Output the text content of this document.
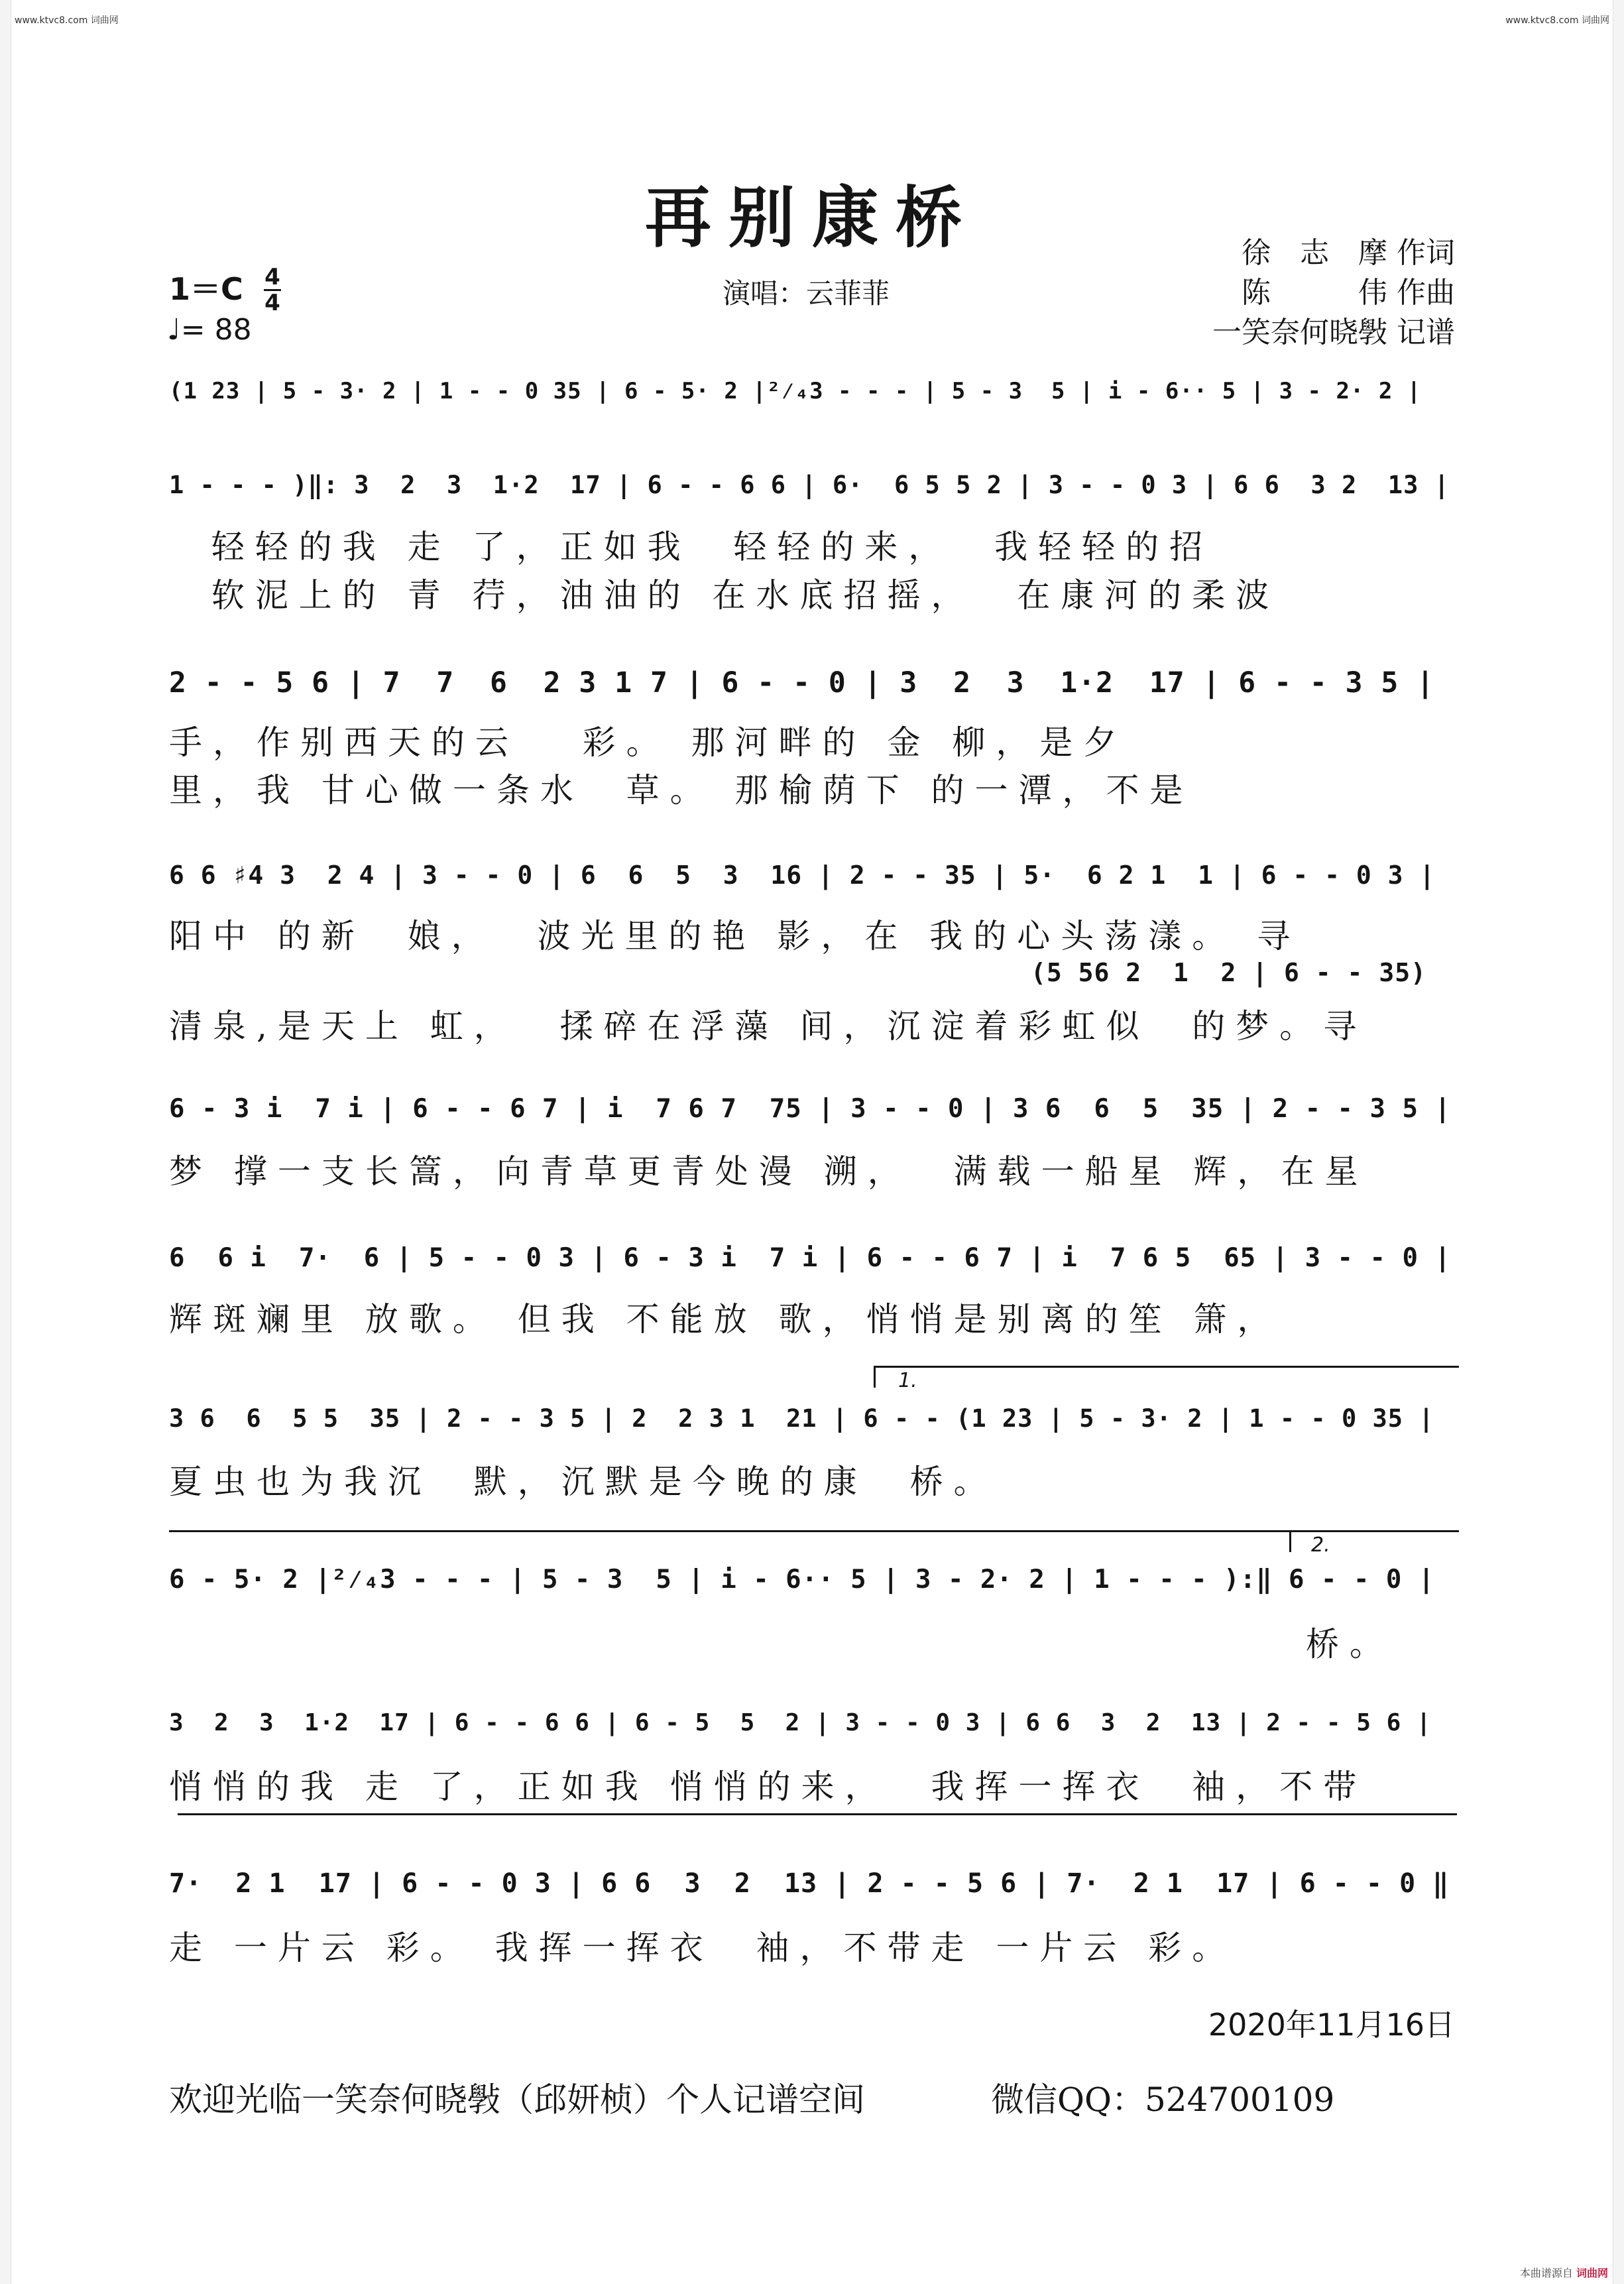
www.ktvc8.com 词曲网	www.ktvc8.com 词曲网
再别康桥	徐　志　摩 作词
陈　　　伟 作曲
一笑奈何晓斅 记谱
1＝C 4
4
♩= 88
演唱：云菲菲
(1 23 | 5 - 3· 2 | 1 - - 0 35 | 6 - 5· 2 |²⁄₄3 - - - | 5 - 3  5 | i - 6·· 5 | 3 - 2· 2 |
1 - - - )‖: 3  2  3  1·2  17 | 6 - - 6 6 | 6·  6 5 5 2 | 3 - - 0 3 | 6 6  3 2  13 |
轻轻的我 走 了，正如我  轻轻的来，  我轻轻的招
软泥上的 青 荇，油油的 在水底招摇，  在康河的柔波
2 - - 5 6 | 7  7  6  2 3 1 7 | 6 - - 0 | 3  2  3  1·2  17 | 6 - - 3 5 |
手，作别西天的云   彩。 那河畔的 金 柳，是夕
里，我 甘心做一条水  草。 那榆荫下 的一潭，不是
6 6 ♯4 3  2 4 | 3 - - 0 | 6  6  5  3  16 | 2 - - 35 | 5·  6 2 1  1 | 6 - - 0 3 |
阳中 的新  娘，  波光里的艳 影，在 我的心头荡漾。 寻
(5 56 2  1  2 | 6 - - 35)
清泉,是天上 虹，  揉碎在浮藻 间，沉淀着彩虹似  的梦。寻
6 - 3 i  7 i | 6 - - 6 7 | i  7 6 7  75 | 3 - - 0 | 3 6  6  5  35 | 2 - - 3 5 |
梦 撑一支长篙，向青草更青处漫 溯，  满载一船星 辉，在星
6  6 i  7·  6 | 5 - - 0 3 | 6 - 3 i  7 i | 6 - - 6 7 | i  7 6 5  65 | 3 - - 0 |
辉斑斓里 放歌。 但我 不能放 歌，悄悄是别离的笙 箫，
1.
3 6  6  5 5  35 | 2 - - 3 5 | 2  2 3 1  21 | 6 - - (1 23 | 5 - 3· 2 | 1 - - 0 35 |
夏虫也为我沉  默，沉默是今晚的康  桥。
2.
6 - 5· 2 |²⁄₄3 - - - | 5 - 3  5 | i - 6·· 5 | 3 - 2· 2 | 1 - - - ):‖ 6 - - 0 |
桥。
3  2  3  1·2  17 | 6 - - 6 6 | 6 - 5  5  2 | 3 - - 0 3 | 6 6  3  2  13 | 2 - - 5 6 |
悄悄的我 走 了，正如我 悄悄的来，  我挥一挥衣  袖，不带
7·  2 1  17 | 6 - - 0 3 | 6 6  3  2  13 | 2 - - 5 6 | 7·  2 1  17 | 6 - - 0 ‖
走 一片云 彩。 我挥一挥衣  袖，不带走 一片云 彩。
2020年11月16日
欢迎光临一笑奈何晓斅（邱妍桢）个人记谱空间	微信QQ：524700109
本曲谱源自 词曲网
